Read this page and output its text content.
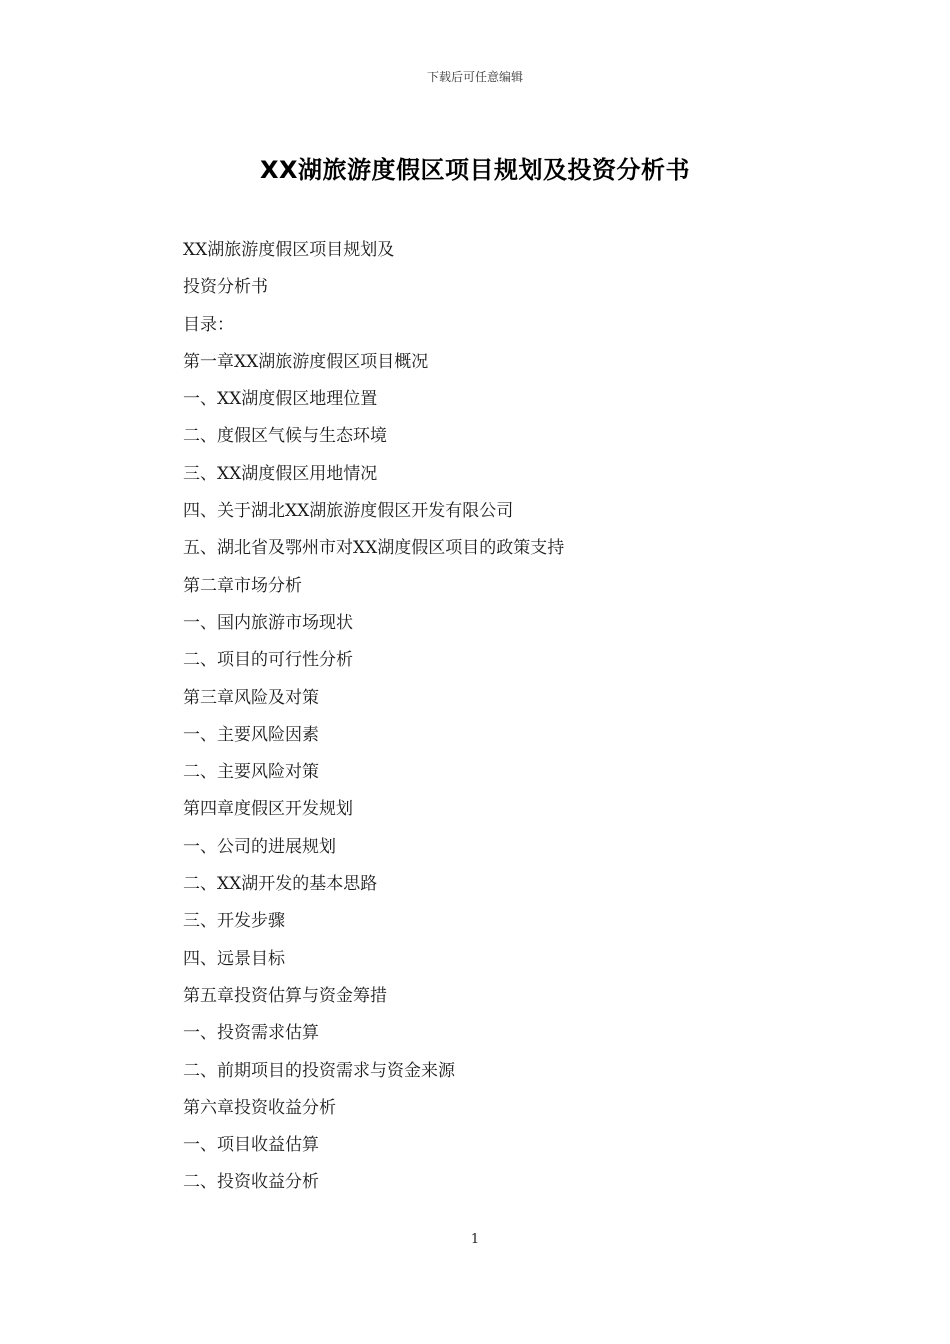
下载后可任意编辑
XX湖旅游度假区项目规划及投资分析书
XX湖旅游度假区项目规划及
投资分析书
目录：
第一章XX湖旅游度假区项目概况
一、XX湖度假区地理位置
二、度假区气候与生态环境
三、XX湖度假区用地情况
四、关于湖北XX湖旅游度假区开发有限公司
五、湖北省及鄂州市对XX湖度假区项目的政策支持
第二章市场分析
一、国内旅游市场现状
二、项目的可行性分析
第三章风险及对策
一、主要风险因素
二、主要风险对策
第四章度假区开发规划
一、公司的进展规划
二、XX湖开发的基本思路
三、开发步骤
四、远景目标
第五章投资估算与资金筹措
一、投资需求估算
二、前期项目的投资需求与资金来源
第六章投资收益分析
一、项目收益估算
二、投资收益分析
1
